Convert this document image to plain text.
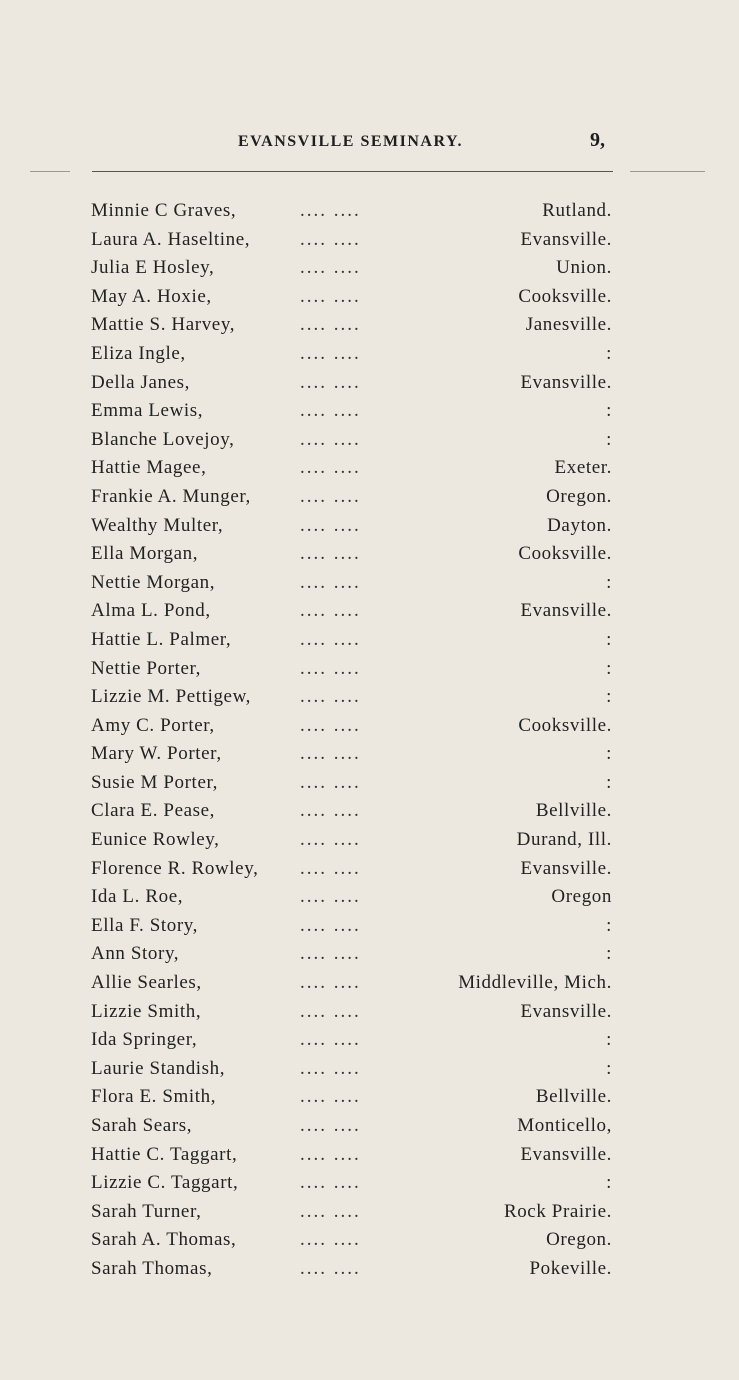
EVANSVILLE SEMINARY.	9,
Minnie C Graves,	.... ....	Rutland.
Laura A. Haseltine,	.... ....	Evansville.
Julia E Hosley,	.... ....	Union.
May A. Hoxie,	.... ....	Cooksville.
Mattie S. Harvey,	.... ....	Janesville.
Eliza Ingle,	.... ....	:
Della Janes,	.... ....	Evansville.
Emma Lewis,	.... ....	:
Blanche Lovejoy,	.... ....	:
Hattie Magee,	.... ....	Exeter.
Frankie A. Munger,	.... ....	Oregon.
Wealthy Multer,	.... ....	Dayton.
Ella Morgan,	.... ....	Cooksville.
Nettie Morgan,	.... ....	:
Alma L. Pond,	.... ....	Evansville.
Hattie L. Palmer,	.... ....	:
Nettie Porter,	.... ....	:
Lizzie M. Pettigew,	.... ....	:
Amy C. Porter,	.... ....	Cooksville.
Mary W. Porter,	.... ....	:
Susie M Porter,	.... ....	:
Clara E. Pease,	.... ....	Bellville.
Eunice Rowley,	.... ....	Durand, Ill.
Florence R. Rowley, .... ....	Evansville.
Ida L. Roe,	.... ....	Oregon
Ella F. Story,	.... ....	:
Ann Story,	.... ....	:
Allie Searles,	.... ....	Middleville, Mich.
Lizzie Smith,	.... ....	Evansville.
Ida Springer,	.... ....	:
Laurie Standish,	.... ....	:
Flora E. Smith,	.... ....	Bellville.
Sarah Sears,	.... ....	Monticello,
Hattie C. Taggart,	.... ....	Evansville.
Lizzie C. Taggart,	.... ....	:
Sarah Turner,	.... ....	Rock Prairie.
Sarah A. Thomas,	.... ....	Oregon.
Sarah Thomas,	.... ....	Pokeville.
